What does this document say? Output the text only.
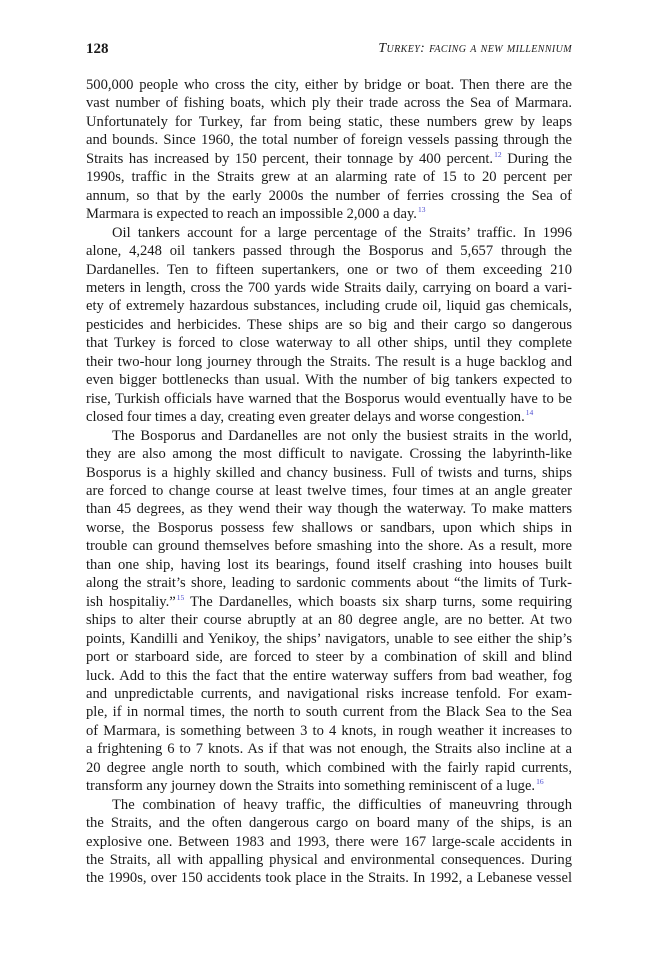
128	Turkey: facing a new millennium

500,000 people who cross the city, either by bridge or boat. Then there are the
vast number of fishing boats, which ply their trade across the Sea of Marmara.
Unfortunately for Turkey, far from being static, these numbers grew by leaps
and bounds. Since 1960, the total number of foreign vessels passing through the
Straits has increased by 150 percent, their tonnage by 400 percent.$^{12}$ During the
1990s, traffic in the Straits grew at an alarming rate of 15 to 20 percent per
annum, so that by the early 2000s the number of ferries crossing the Sea of
Marmara is expected to reach an impossible 2,000 a day.$^{13}$

Oil tankers account for a large percentage of the Straits’ traffic. In 1996
alone, 4,248 oil tankers passed through the Bosporus and 5,657 through the
Dardanelles. Ten to fifteen supertankers, one or two of them exceeding 210
meters in length, cross the 700 yards wide Straits daily, carrying on board a vari-
ety of extremely hazardous substances, including crude oil, liquid gas chemicals,
pesticides and herbicides. These ships are so big and their cargo so dangerous
that Turkey is forced to close waterway to all other ships, until they complete
their two-hour long journey through the Straits. The result is a huge backlog and
even bigger bottlenecks than usual. With the number of big tankers expected to
rise, Turkish officials have warned that the Bosporus would eventually have to be
closed four times a day, creating even greater delays and worse congestion.$^{14}$

The Bosporus and Dardanelles are not only the busiest straits in the world,
they are also among the most difficult to navigate. Crossing the labyrinth-like
Bosporus is a highly skilled and chancy business. Full of twists and turns, ships
are forced to change course at least twelve times, four times at an angle greater
than 45 degrees, as they wend their way though the waterway. To make matters
worse, the Bosporus possess few shallows or sandbars, upon which ships in
trouble can ground themselves before smashing into the shore. As a result, more
than one ship, having lost its bearings, found itself crashing into houses built
along the strait’s shore, leading to sardonic comments about “the limits of Turk-
ish hospitaliy.”$^{15}$ The Dardanelles, which boasts six sharp turns, some requiring
ships to alter their course abruptly at an 80 degree angle, are no better. At two
points, Kandilli and Yenikoy, the ships’ navigators, unable to see either the ship’s
port or starboard side, are forced to steer by a combination of skill and blind
luck. Add to this the fact that the entire waterway suffers from bad weather, fog
and unpredictable currents, and navigational risks increase tenfold. For exam-
ple, if in normal times, the north to south current from the Black Sea to the Sea
of Marmara, is something between 3 to 4 knots, in rough weather it increases to
a frightening 6 to 7 knots. As if that was not enough, the Straits also incline at a
20 degree angle north to south, which combined with the fairly rapid currents,
transform any journey down the Straits into something reminiscent of a luge.$^{16}$

The combination of heavy traffic, the difficulties of maneuvring through
the Straits, and the often dangerous cargo on board many of the ships, is an
explosive one. Between 1983 and 1993, there were 167 large-scale accidents in
the Straits, all with appalling physical and environmental consequences. During
the 1990s, over 150 accidents took place in the Straits. In 1992, a Lebanese vessel
